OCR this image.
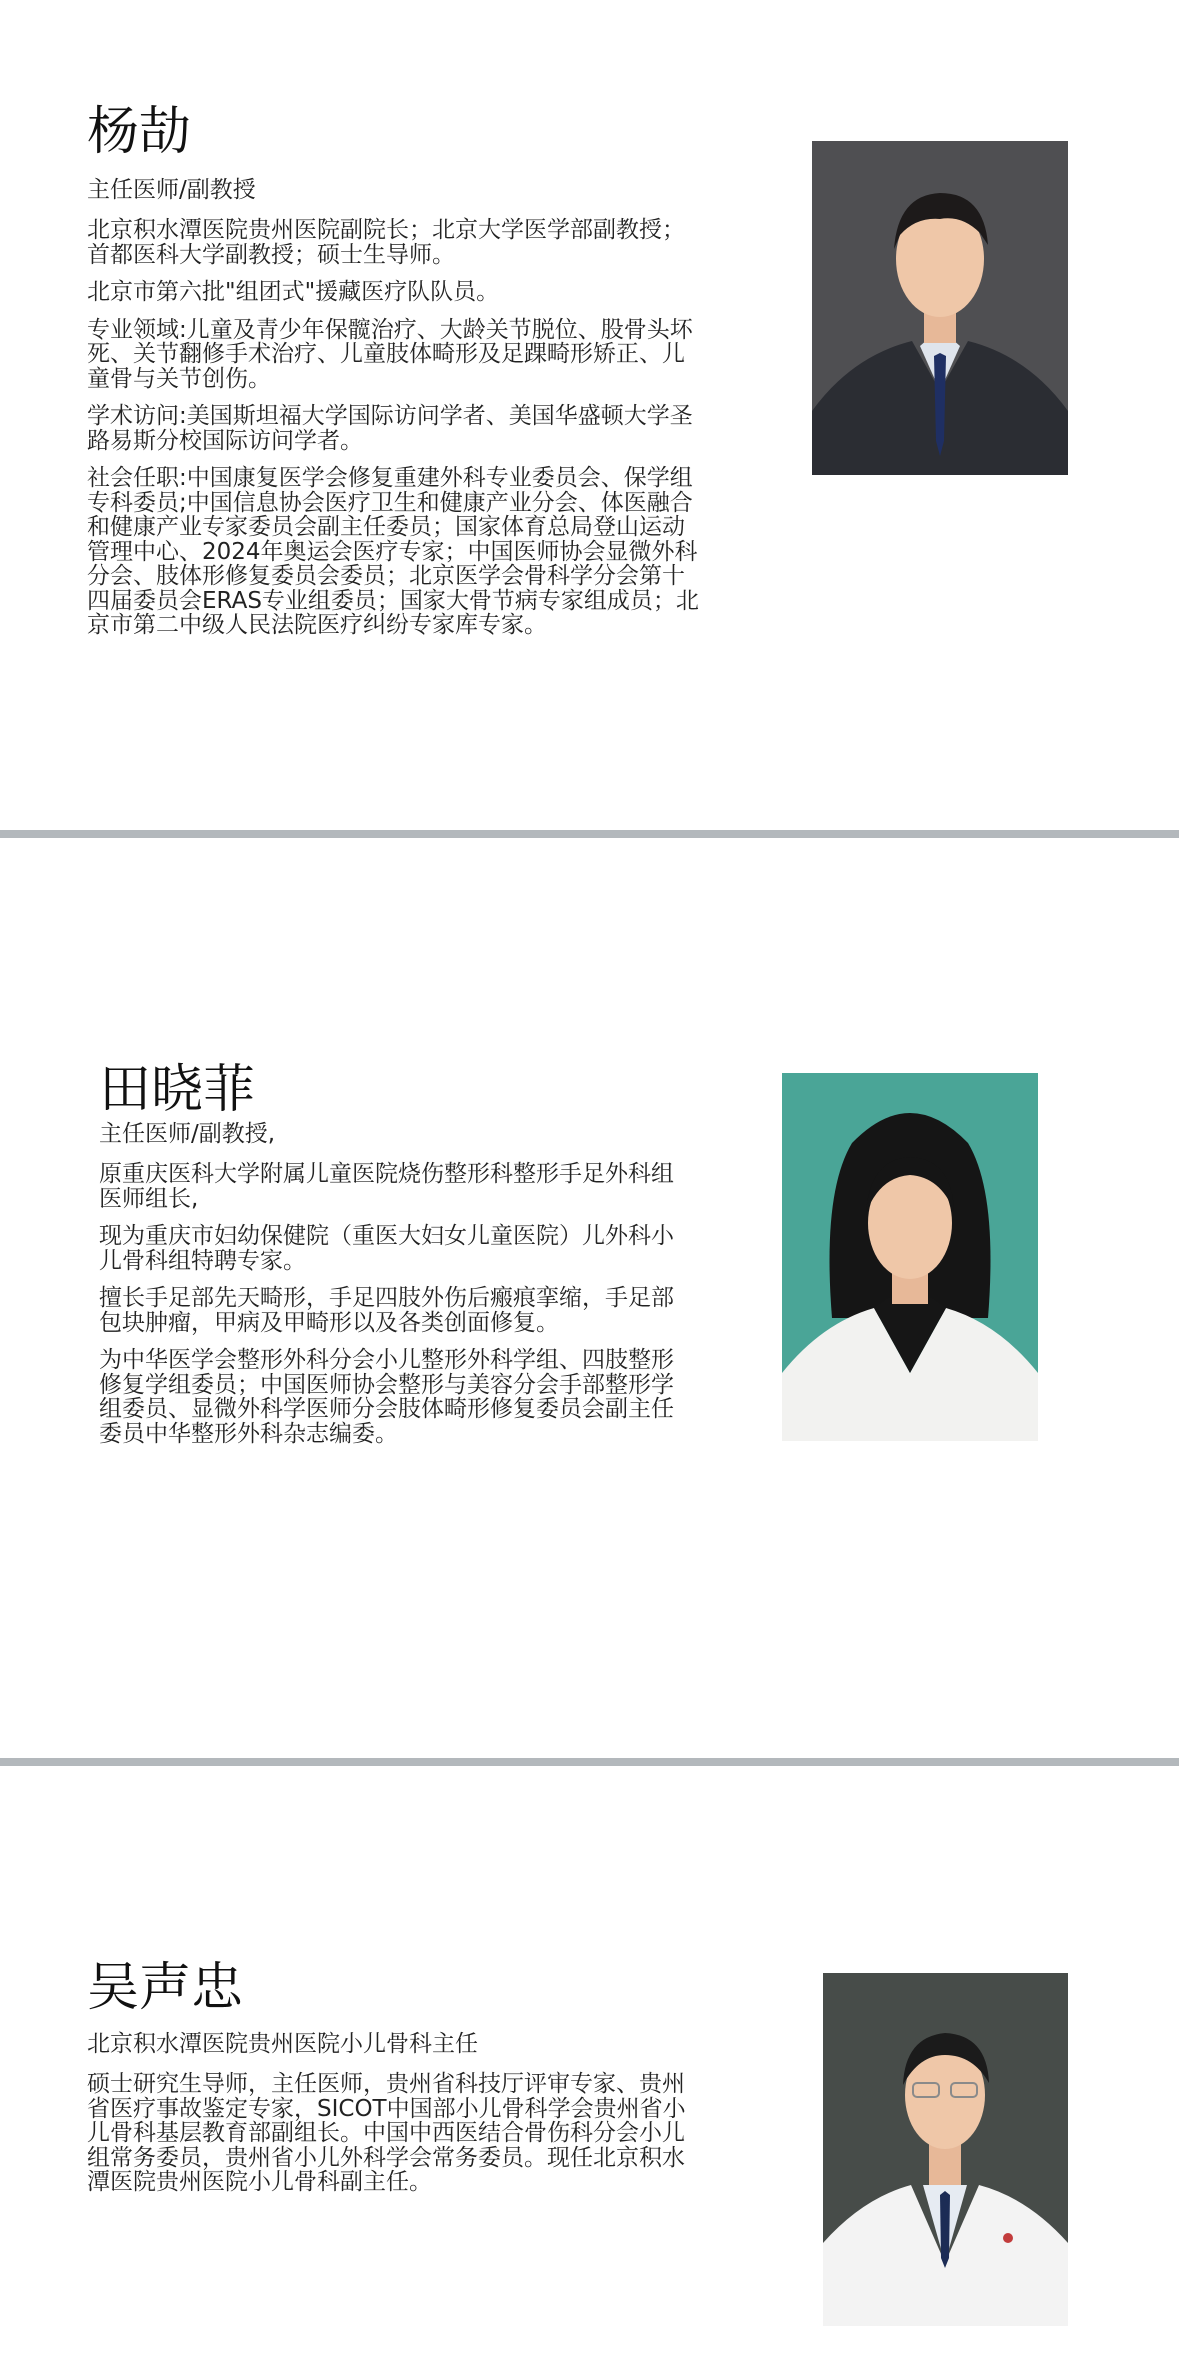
杨劼

主任医师/副教授

北京积水潭医院贵州医院副院长；北京大学医学部副教授；首都医科大学副教授；硕士生导师。

北京市第六批"组团式"援藏医疗队队员。

专业领域:儿童及青少年保髋治疗、大龄关节脱位、股骨头坏死、关节翻修手术治疗、儿童肢体畸形及足踝畸形矫正、儿童骨与关节创伤。

学术访问:美国斯坦福大学国际访问学者、美国华盛顿大学圣路易斯分校国际访问学者。

社会任职:中国康复医学会修复重建外科专业委员会、保学组专科委员;中国信息协会医疗卫生和健康产业分会、体医融合和健康产业专家委员会副主任委员；国家体育总局登山运动管理中心、2024年奥运会医疗专家；中国医师协会显微外科分会、肢体形修复委员会委员；北京医学会骨科学分会第十四届委员会ERAS专业组委员；国家大骨节病专家组成员；北京市第二中级人民法院医疗纠纷专家库专家。

田晓菲

主任医师/副教授,

原重庆医科大学附属儿童医院烧伤整形科整形手足外科组医师组长,

现为重庆市妇幼保健院（重医大妇女儿童医院）儿外科小儿骨科组特聘专家。

擅长手足部先天畸形，手足四肢外伤后瘢痕挛缩，手足部包块肿瘤，甲病及甲畸形以及各类创面修复。

为中华医学会整形外科分会小儿整形外科学组、四肢整形修复学组委员；中国医师协会整形与美容分会手部整形学组委员、显微外科学医师分会肢体畸形修复委员会副主任委员中华整形外科杂志编委。

吴声忠

北京积水潭医院贵州医院小儿骨科主任

硕士研究生导师，主任医师，贵州省科技厅评审专家、贵州省医疗事故鉴定专家，SICOT中国部小儿骨科学会贵州省小儿骨科基层教育部副组长。中国中西医结合骨伤科分会小儿组常务委员，贵州省小儿外科学会常务委员。现任北京积水潭医院贵州医院小儿骨科副主任。
